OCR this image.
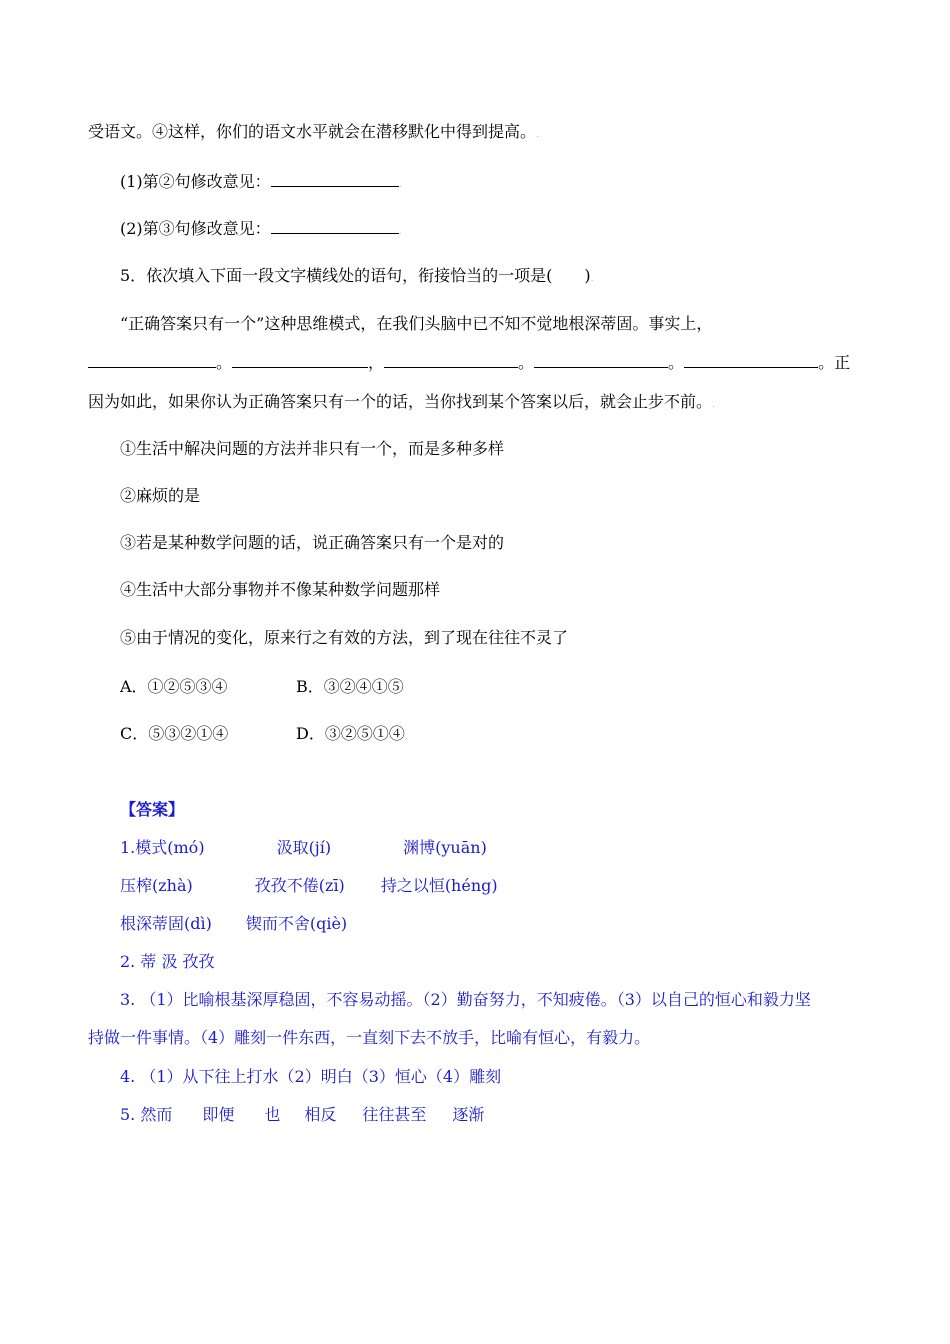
受语文。④这样，你们的语文水平就会在潜移默化中得到提高。.
(1)第②句修改意见：	.
(2)第③句修改意见：	.
5．依次填入下面一段文字横线处的语句，衔接恰当的一项是(　　).
“正确答案只有一个”这种思维模式，在我们头脑中已不知不觉地根深蒂固。事实上，
。	，	。	。	。正
因为如此，如果你认为正确答案只有一个的话，当你找到某个答案以后，就会止步不前。.
①生活中解决问题的方法并非只有一个，而是多种多样
②麻烦的是
③若是某种数学问题的话，说正确答案只有一个是对的
④生活中大部分事物并不像某种数学问题那样
⑤由于情况的变化，原来行之有效的方法，到了现在往往不灵了
A．①②⑤③④	B．③②④①⑤
C．⑤③②①④	D．③②⑤①④.
【答案】
1.模式(mó)	汲取(jí)	渊博(yuān)
压榨(zhà)	孜孜不倦(zī) 持之以恒(héng)
根深蒂固(dì) 锲而不舍(qiè)
2. 蒂 汲 孜孜
3. （1）比喻根基深厚稳固，不容易动摇。（2）勤奋努力，不知疲倦。（3）以自己的恒心和毅力坚
持做一件事情。（4）雕刻一件东西，一直刻下去不放手，比喻有恒心，有毅力。
4. （1）从下往上打水（2）明白（3）恒心（4）雕刻
5. 然而 即便 也 相反 往往甚至 逐渐
